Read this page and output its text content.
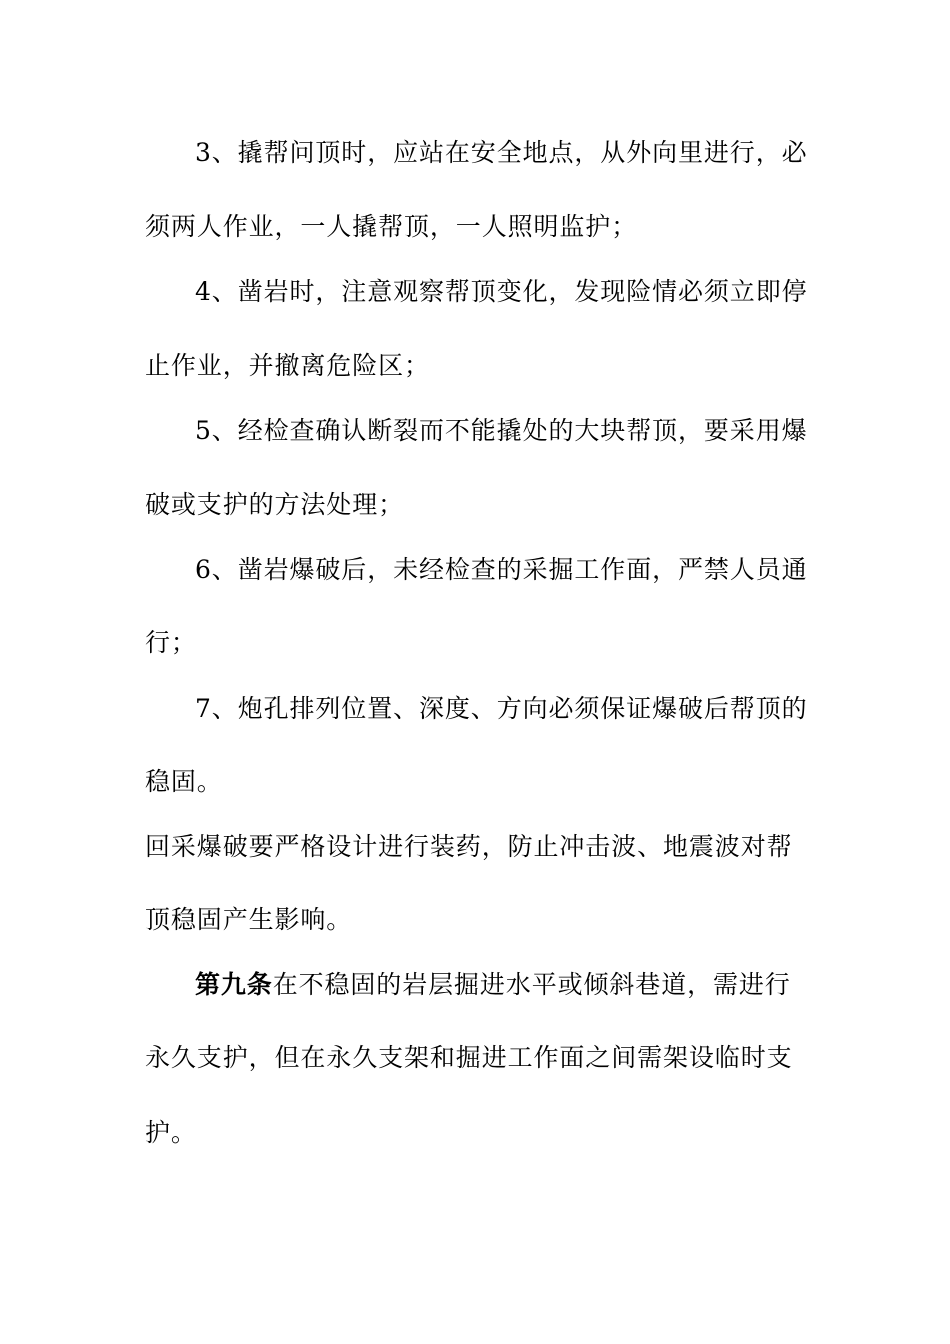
3、撬帮问顶时，应站在安全地点，从外向里进行，必
须两人作业，一人撬帮顶，一人照明监护；
4、凿岩时，注意观察帮顶变化，发现险情必须立即停
止作业，并撤离危险区；
5、经检查确认断裂而不能撬处的大块帮顶，要采用爆
破或支护的方法处理；
6、凿岩爆破后，未经检查的采掘工作面，严禁人员通
行；
7、炮孔排列位置、深度、方向必须保证爆破后帮顶的
稳固。
回采爆破要严格设计进行装药，防止冲击波、地震波对帮
顶稳固产生影响。
第九条在不稳固的岩层掘进水平或倾斜巷道，需进行
永久支护，但在永久支架和掘进工作面之间需架设临时支
护。
